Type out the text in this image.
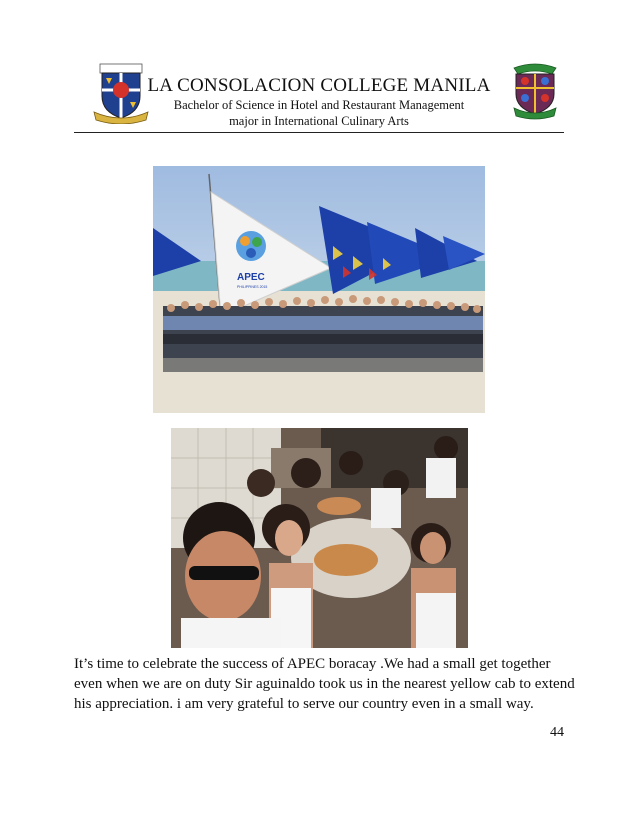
LA CONSOLACION COLLEGE MANILA
Bachelor of Science in Hotel and Restaurant Management
major in International Culinary Arts
APEC
PHILIPPINES 2015

It’s time to celebrate the success of APEC boracay .We had a small get together

even when we are on duty Sir aguinaldo took us in the nearest yellow cab to extend

his appreciation. i am very grateful to serve our country even in a small way.

44
